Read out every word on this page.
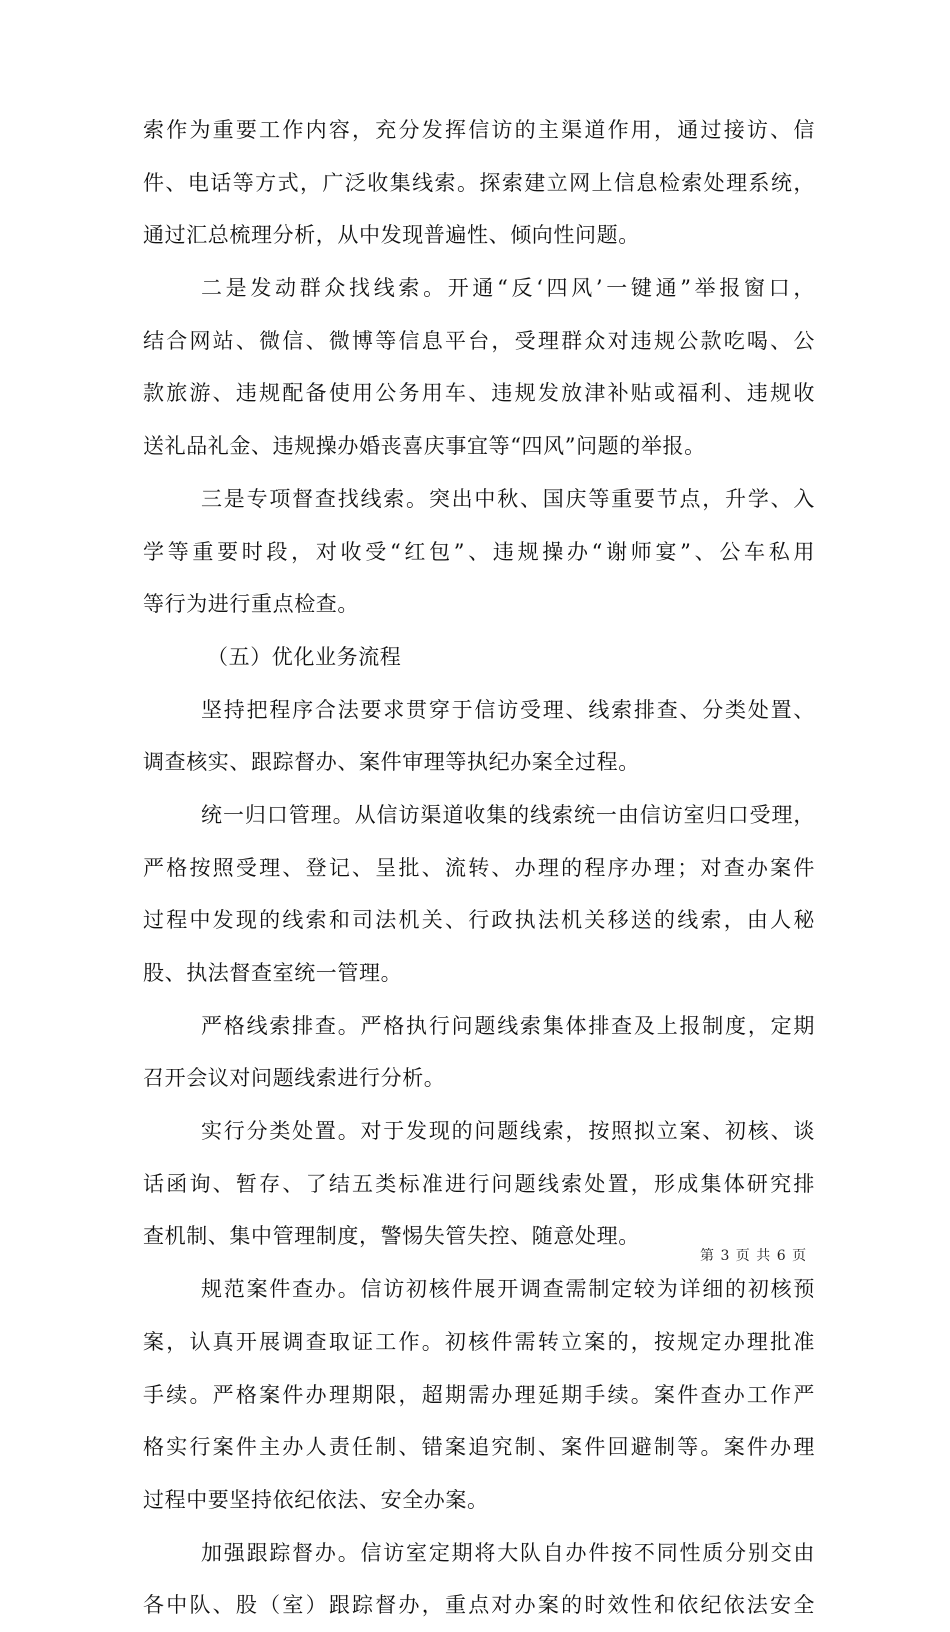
索作为重要工作内容，充分发挥信访的主渠道作用，通过接访、信
件、电话等方式，广泛收集线索。探索建立网上信息检索处理系统，
通过汇总梳理分析，从中发现普遍性、倾向性问题。
二是发动群众找线索。开通“反‘四风’一键通”举报窗口，
结合网站、微信、微博等信息平台，受理群众对违规公款吃喝、公
款旅游、违规配备使用公务用车、违规发放津补贴或福利、违规收
送礼品礼金、违规操办婚丧喜庆事宜等“四风”问题的举报。
三是专项督查找线索。突出中秋、国庆等重要节点，升学、入
学等重要时段，对收受“红包”、违规操办“谢师宴”、公车私用
等行为进行重点检查。
（五）优化业务流程
坚持把程序合法要求贯穿于信访受理、线索排查、分类处置、
调查核实、跟踪督办、案件审理等执纪办案全过程。
统一归口管理。从信访渠道收集的线索统一由信访室归口受理，
严格按照受理、登记、呈批、流转、办理的程序办理；对查办案件
过程中发现的线索和司法机关、行政执法机关移送的线索，由人秘
股、执法督查室统一管理。
严格线索排查。严格执行问题线索集体排查及上报制度，定期
召开会议对问题线索进行分析。
实行分类处置。对于发现的问题线索，按照拟立案、初核、谈
话函询、暂存、了结五类标准进行问题线索处置，形成集体研究排
查机制、集中管理制度，警惕失管失控、随意处理。
规范案件查办。信访初核件展开调查需制定较为详细的初核预
案，认真开展调查取证工作。初核件需转立案的，按规定办理批准
手续。严格案件办理期限，超期需办理延期手续。案件查办工作严
格实行案件主办人责任制、错案追究制、案件回避制等。案件办理
过程中要坚持依纪依法、安全办案。
加强跟踪督办。信访室定期将大队自办件按不同性质分别交由
各中队、股（室）跟踪督办，重点对办案的时效性和依纪依法安全
第 3 页 共 6 页
